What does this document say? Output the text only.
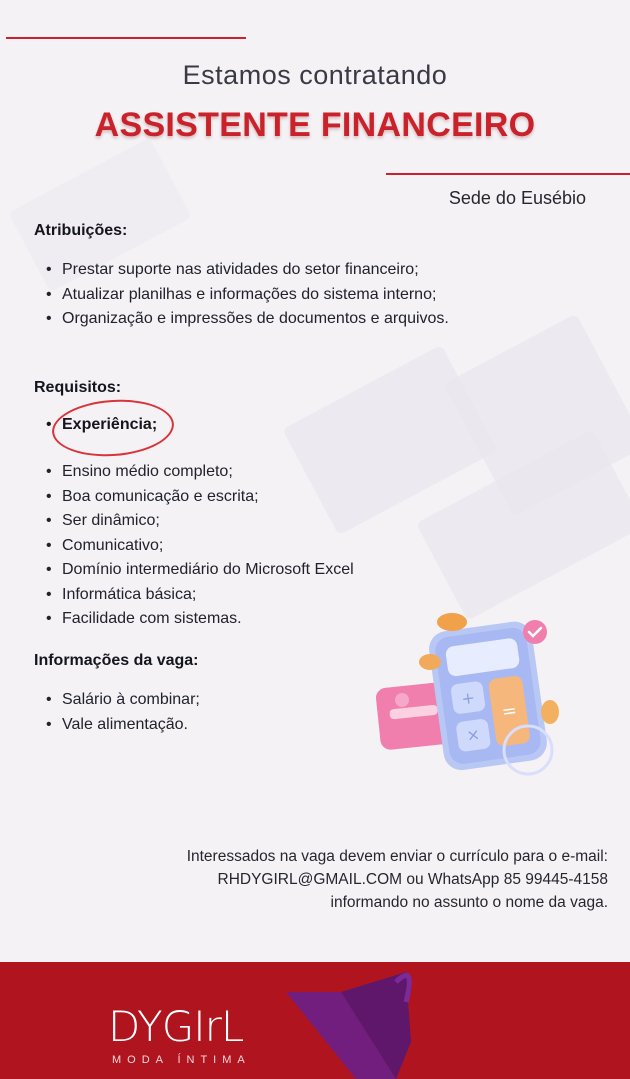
Estamos contratando
ASSISTENTE FINANCEIRO
Sede do Eusébio
Atribuições:
• Prestar suporte nas atividades do setor financeiro;
• Atualizar planilhas e informações do sistema interno;
• Organização e impressões de documentos e arquivos.
Requisitos:
• Experiência;
• Ensino médio completo;
• Boa comunicação e escrita;
• Ser dinâmico;
• Comunicativo;
• Domínio intermediário do Microsoft Excel
• Informática básica;
• Facilidade com sistemas.
Informações da vaga:
• Salário à combinar;
• Vale alimentação.
+
×
=
Interessados na vaga devem enviar o currículo para o e-mail:
RHDYGIRL@GMAIL.COM ou WhatsApp 85 99445-4158
informando no assunto o nome da vaga.
DYGIrL
MODA ÍNTIMA
